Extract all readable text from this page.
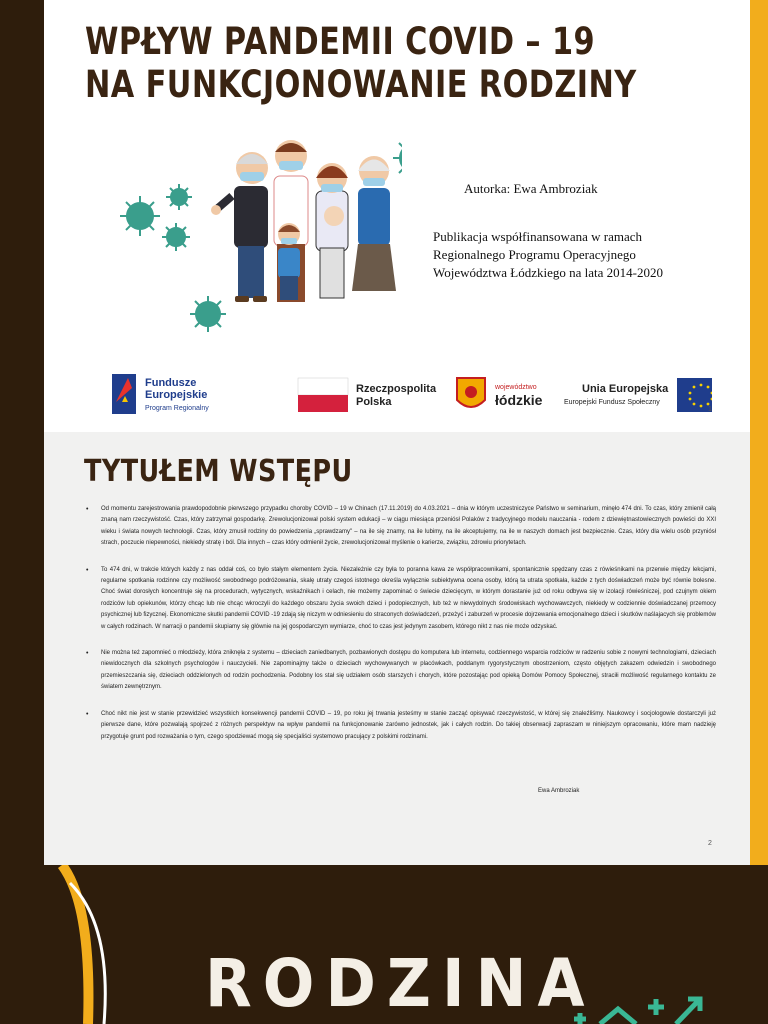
WPŁYW PANDEMII COVID – 19
NA FUNKCJONOWANIE RODZINY
Autorka: Ewa Ambroziak
Publikacja współfinansowana w ramach
Regionalnego Programu Operacyjnego
Województwa Łódzkiego na lata 2014-2020
Fundusze
Europejskie
Program Regionalny
Rzeczpospolita
Polska
województwo
łódzkie
Unia Europejska
Europejski Fundusz Społeczny
1
TYTUŁEM WSTĘPU
• Od momentu zarejestrowania prawdopodobnie pierwszego przypadku choroby COVID – 19 w Chinach (17.11.2019) do 4.03.2021 – dnia w którym uczestniczyce Państwo w seminarium, minęło 474 dni. To czas, który zmienił całą znaną nam rzeczywistość. Czas, który zatrzymał gospodarkę. Zrewolucjonizował polski system edukacji – w ciągu miesiąca przeniósł Polaków z tradycyjnego modelu nauczania - rodem z dziewiętnastowiecznych powieści do XXI wieku i świata nowych technologii. Czas, który zmusił rodziny do powiedzenia „sprawdzamy" – na ile się znamy, na ile lubimy, na ile akceptujemy, na ile w naszych domach jest bezpiecznie. Czas, który dla wielu osób przyniósł strach, poczucie niepewności, niekiedy stratę i ból. Dla innych – czas który odmienił życie, zrewolucjonizował myślenie o karierze, związku, zdrowiu priorytetach.
• To 474 dni, w trakcie których każdy z nas oddał coś, co było stałym elementem życia. Niezależnie czy była to poranna kawa ze współpracownikami, spontanicznie spędzany czas z rówieśnikami na przerwie między lekcjami, regularne spotkania rodzinne czy możliwość swobodnego podróżowania, skalę utraty czegoś istotnego określa wyłącznie subiektywna ocena osoby, którą ta utrata spotkała, każde z tych doświadczeń może być równie bolesne. Choć świat dorosłych koncentruje się na procedurach, wytycznych, wskaźnikach i celach, nie możemy zapominać o świecie dziecięcym, w którym dorastanie już od roku odbywa się w izolacji rówieśniczej, pod czujnym okiem rodziców lub opiekunów, którzy chcąc lub nie chcąc wkroczyli do każdego obszaru życia swoich dzieci i podopiecznych, lub też w niewydolnych środowiskach wychowawczych, niekiedy w codziennie doświadczanej przemocy psychicznej lub fizycznej. Ekonomiczne skutki pandemii COVID -19 zdają się niczym w odniesieniu do straconych doświadczeń, przeżyć i zaburzeń w procesie dojrzewania emocjonalnego dzieci i skutków naślajacych się problemów w całych rodzinach. W narracji o pandemii skupiamy się głównie na jej gospodarczym wymiarze, choć to czas jest jedynym zasobem, którego nikt z nas nie może odzyskać.
• Nie można też zapomnieć o młodzieży, która zniknęła z systemu – dzieciach zaniedbanych, pozbawionych dostępu do komputera lub internetu, codziennego wsparcia rodziców w radzeniu sobie z nowymi technologiami, dzieciach niewidocznych dla szkolnych psychologów i nauczycieli. Nie zapominajmy także o dzieciach wychowywanych w placówkach, poddanym rygorystycznym obostrzeniom, często objętych zakazem odwiedzin i swobodnego przemieszczania się, dzieciach oddzielonych od rodzin pochodzenia. Podobny los stał się udziałem osób starszych i chorych, które pozostając pod opieką Domów Pomocy Społecznej, straciłi możliwość regularnego kontaktu ze światem zewnętrznym.
• Choć nikt nie jest w stanie przewidzieć wszystkich konsekwencji pandemii COVID – 19, po roku jej trwania jesteśmy w stanie zacząć opisywać rzeczywistość, w której się znaleźliśmy. Naukowcy i socjologowie dostarczyli już pierwsze dane, które pozwalają spojrzeć z różnych perspektyw na wpływ pandemii na funkcjonowanie zarówno jednostek, jak i całych rodzin. Do takiej obserwacji zapraszam w niniejszym opracowaniu, które mam nadzieję przygotuje grunt pod rozważania o tym, czego spodziewać mogą się specjaliści systemowo pracujący z polskimi rodzinami.
Ewa Ambroziak
2
RODZINA
